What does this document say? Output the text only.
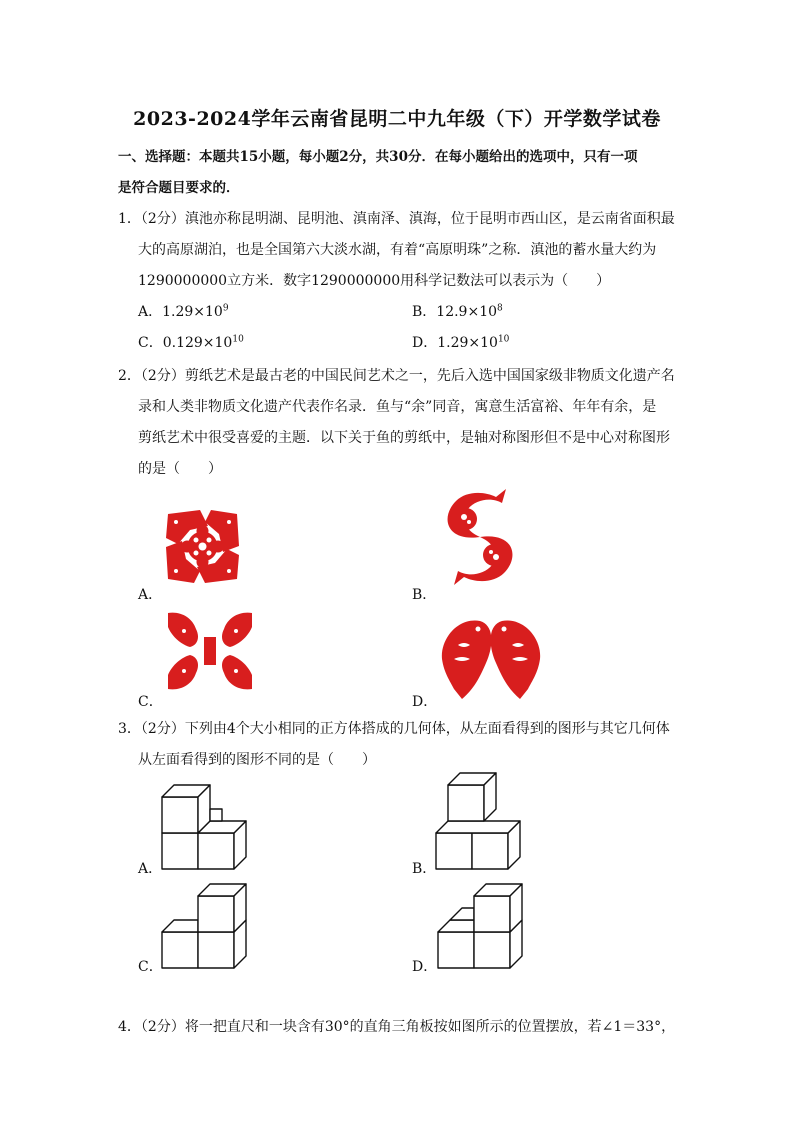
2023-2024学年云南省昆明二中九年级（下）开学数学试卷
一、选择题：本题共15小题，每小题2分，共30分．在每小题给出的选项中，只有一项
是符合题目要求的．
1．（2分）滇池亦称昆明湖、昆明池、滇南泽、滇海，位于昆明市西山区，是云南省面积最
大的高原湖泊，也是全国第六大淡水湖，有着“高原明珠”之称．滇池的蓄水量大约为
1290000000立方米．数字1290000000用科学记数法可以表示为（　　）
A．$1.29\times 10^9$	B．$12.9\times 10^8$
C．$0.129\times 10^{10}$	D．$1.29\times 10^{10}$
2．（2分）剪纸艺术是最古老的中国民间艺术之一，先后入选中国国家级非物质文化遗产名
录和人类非物质文化遗产代表作名录．鱼与“余”同音，寓意生活富裕、年年有余，是
剪纸艺术中很受喜爱的主题．以下关于鱼的剪纸中，是轴对称图形但不是中心对称图形
的是（　　）
A．	B．
C．	D．
3．（2分）下列由4个大小相同的正方体搭成的几何体，从左面看得到的图形与其它几何体
从左面看得到的图形不同的是（　　）
A．	B．
C．	D．
4．（2分）将一把直尺和一块含有30°的直角三角板按如图所示的位置摆放，若∠1＝33°，
